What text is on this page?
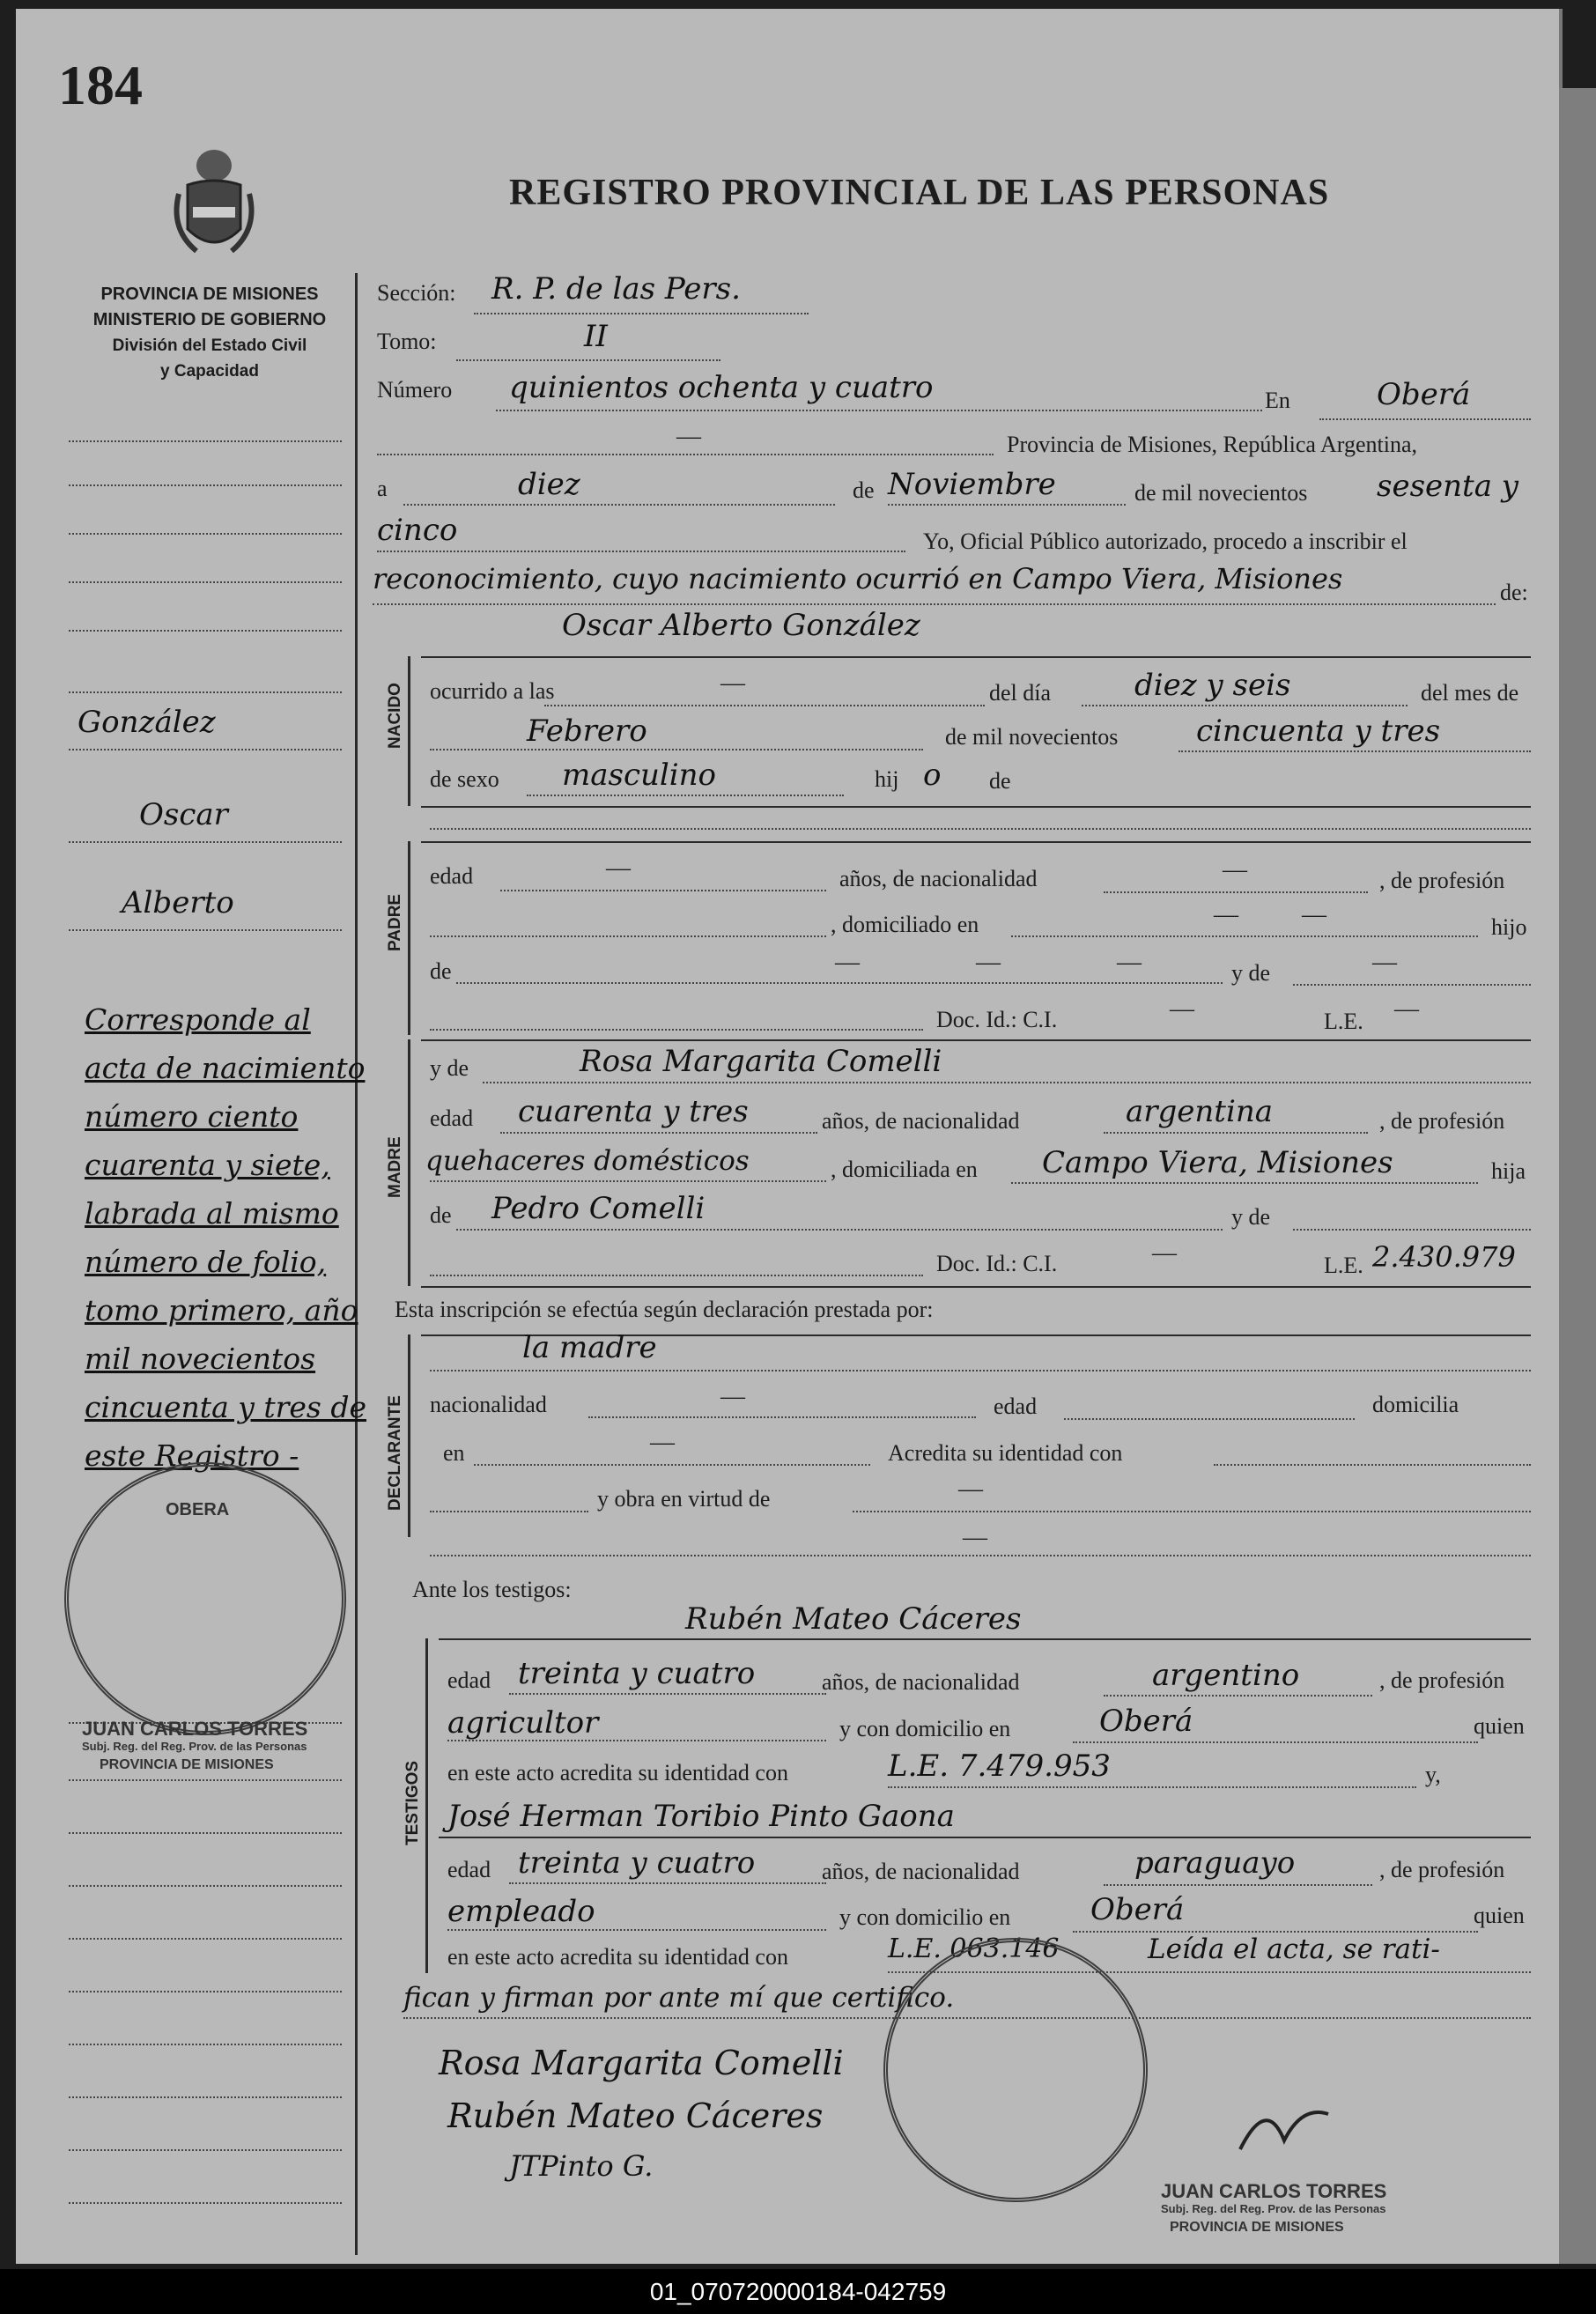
184
REGISTRO PROVINCIAL DE LAS PERSONAS
PROVINCIA DE MISIONES
MINISTERIO DE GOBIERNO
División del Estado Civil
y Capacidad
González
Oscar
Alberto
Corresponde al acta de nacimiento número ciento cuarenta y siete, labrada al mismo número de folio, tomo primero, año mil novecientos cincuenta y tres de este Registro -
Sección: R. P. de las Pers.
Tomo:	II
Número quinientos ochenta y cuatro	En	Oberá
—	Provincia de Misiones, República Argentina,
a	diez	de Noviembre	de mil novecientos sesenta y
cinco	Yo, Oficial Público autorizado, procedo a inscribir el
reconocimiento, cuyo nacimiento ocurrió en Campo Viera, Misiones	de:
Oscar Alberto González
NACIDO ocurrido a las	—	del día	diez y seis	del mes de
Febrero	de mil novecientos	cincuenta y tres
de sexo masculino	hij o de
PADRE
edad	—	años, de nacionalidad	—	, de profesión
, domiciliado en	—	—	hijo
de	—	—	—	y de	—
Doc. Id.: C.I.	—	L.E. —
MADRE
y de	Rosa Margarita Comelli
edad cuarenta y tres	años, de nacionalidad	argentina	, de profesión
quehaceres domésticos	, domiciliada en Campo Viera, Misiones	hija
de Pedro Comelli	y de
Doc. Id.: C.I.	—	L.E. 2.430.979
Esta inscripción se efectúa según declaración prestada por:
DECLARANTE
la madre
nacionalidad	—	edad	domicilia
en	—	Acredita su identidad con
y obra en virtud de	—
—
Ante los testigos:
Rubén Mateo Cáceres
TESTIGOS
edad treinta y cuatro	años, de nacionalidad	argentino	, de profesión
agricultor	y con domicilio en	Oberá	quien
en este acto acredita su identidad con	L.E. 7.479.953	y,
José Herman Toribio Pinto Gaona
edad treinta y cuatro	años, de nacionalidad	paraguayo	, de profesión
empleado	y con domicilio en	Oberá	quien
en este acto acredita su identidad con	L.E. 063.146	Leída el acta, se rati-
fican y firman por ante mí que certifico.
Rosa Margarita Comelli
Rubén Mateo Cáceres
JTPinto G.
OBERA
JUAN CARLOS TORRES
Subj. Reg. del Reg. Prov. de las Personas
PROVINCIA DE MISIONES
JUAN CARLOS TORRES
Subj. Reg. del Reg. Prov. de las Personas
PROVINCIA DE MISIONES
01_070720000184-042759
